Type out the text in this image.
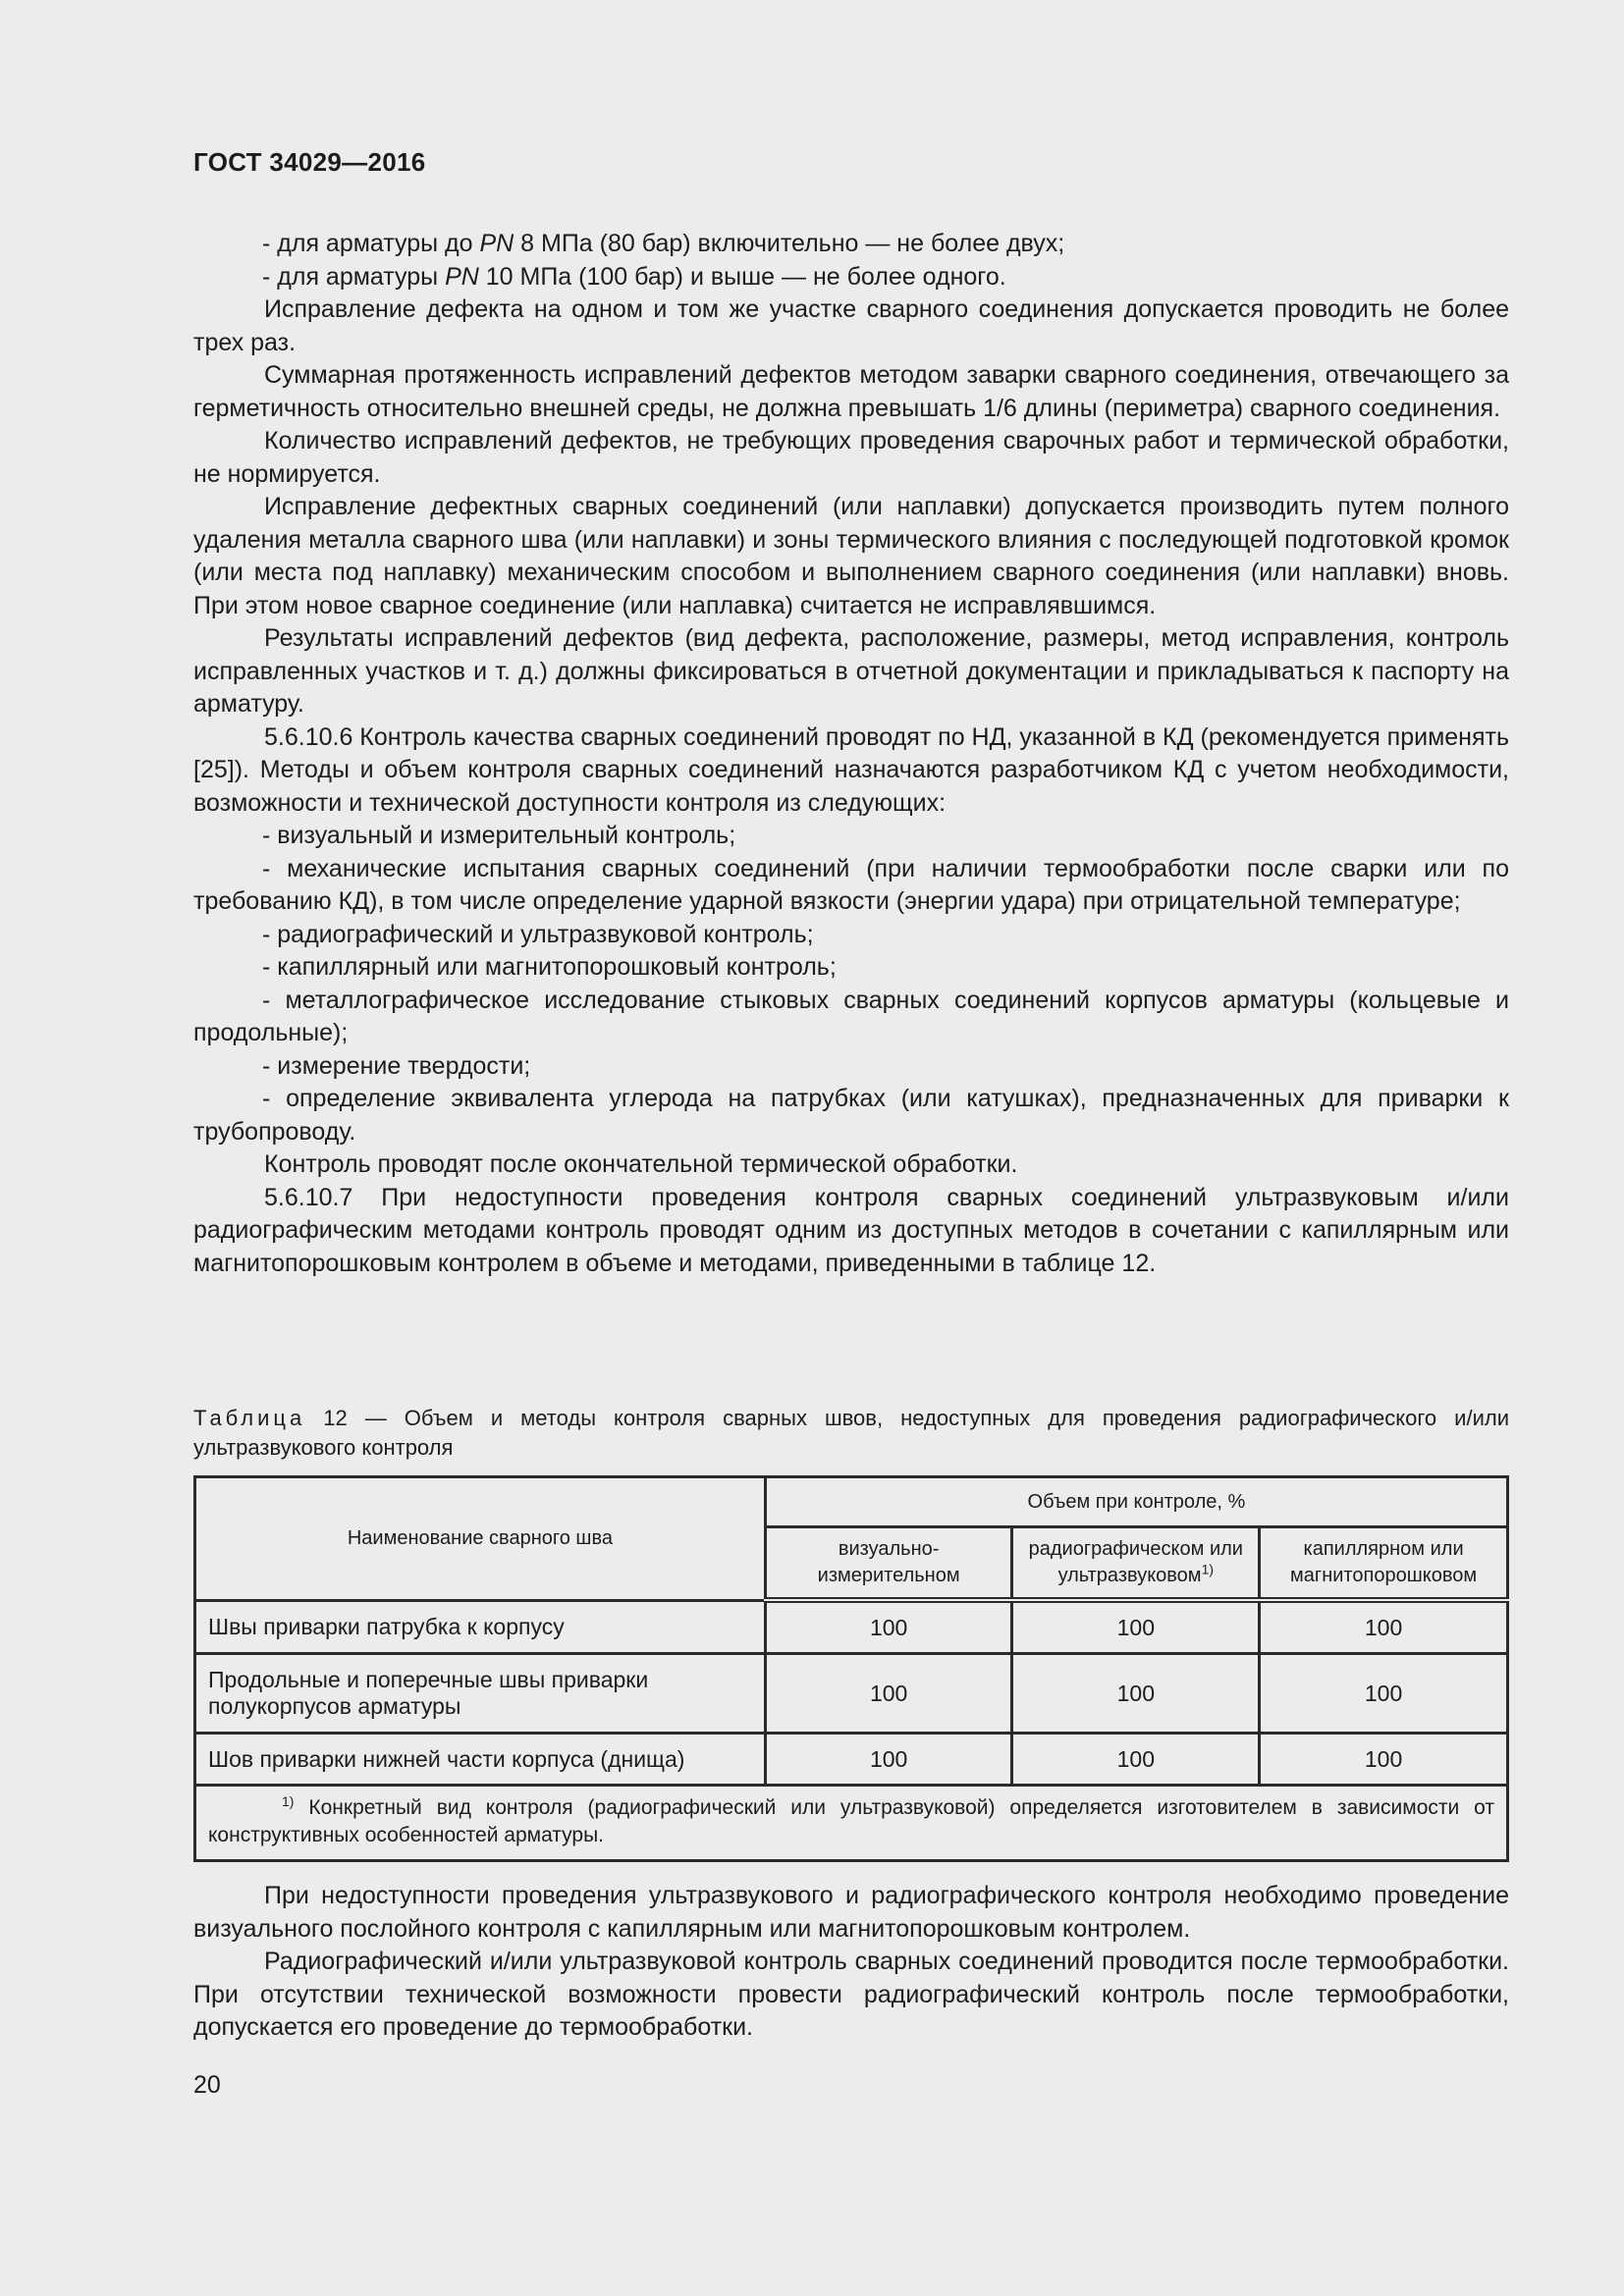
ГОСТ 34029—2016

- для арматуры до PN 8 МПа (80 бар) включительно — не более двух;

- для арматуры PN 10 МПа (100 бар) и выше — не более одного.

Исправление дефекта на одном и том же участке сварного соединения допускается проводить не более трех раз.

Суммарная протяженность исправлений дефектов методом заварки сварного соединения, отвечающего за герметичность относительно внешней среды, не должна превышать 1/6 длины (периметра) сварного соединения.

Количество исправлений дефектов, не требующих проведения сварочных работ и термической обработки, не нормируется.

Исправление дефектных сварных соединений (или наплавки) допускается производить путем полного удаления металла сварного шва (или наплавки) и зоны термического влияния с последующей подготовкой кромок (или места под наплавку) механическим способом и выполнением сварного соединения (или наплавки) вновь. При этом новое сварное соединение (или наплавка) считается не исправлявшимся.

Результаты исправлений дефектов (вид дефекта, расположение, размеры, метод исправления, контроль исправленных участков и т. д.) должны фиксироваться в отчетной документации и прикладываться к паспорту на арматуру.

5.6.10.6 Контроль качества сварных соединений проводят по НД, указанной в КД (рекомендуется применять [25]). Методы и объем контроля сварных соединений назначаются разработчиком КД с учетом необходимости, возможности и технической доступности контроля из следующих:

- визуальный и измерительный контроль;

- механические испытания сварных соединений (при наличии термообработки после сварки или по требованию КД), в том числе определение ударной вязкости (энергии удара) при отрицательной температуре;

- радиографический и ультразвуковой контроль;

- капиллярный или магнитопорошковый контроль;

- металлографическое исследование стыковых сварных соединений корпусов арматуры (кольцевые и продольные);

- измерение твердости;

- определение эквивалента углерода на патрубках (или катушках), предназначенных для приварки к трубопроводу.

Контроль проводят после окончательной термической обработки.

5.6.10.7 При недоступности проведения контроля сварных соединений ультразвуковым и/или радиографическим методами контроль проводят одним из доступных методов в сочетании с капиллярным или магнитопорошковым контролем в объеме и методами, приведенными в таблице 12.

Таблица 12 — Объем и методы контроля сварных швов, недоступных для проведения радиографического и/или ультразвукового контроля
Наименование сварного шва	Объем при контроле, %		
	визуально-измерительном	радиографическом или ультразвуковом$^{1)}$	капиллярном или магнитопорошковом
Швы приварки патрубка к корпусу	100	100	100
Продольные и поперечные швы приварки полукорпусов арматуры	100	100	100
Шов приварки нижней части корпуса (днища)	100	100	100

$^{1)}$ Конкретный вид контроля (радиографический или ультразвуковой) определяется изготовителем в зависимости от конструктивных особенностей арматуры.			

При недоступности проведения ультразвукового и радиографического контроля необходимо проведение визуального послойного контроля с капиллярным или магнитопорошковым контролем.

Радиографический и/или ультразвуковой контроль сварных соединений проводится после термообработки. При отсутствии технической возможности провести радиографический контроль после термообработки, допускается его проведение до термообработки.

20
